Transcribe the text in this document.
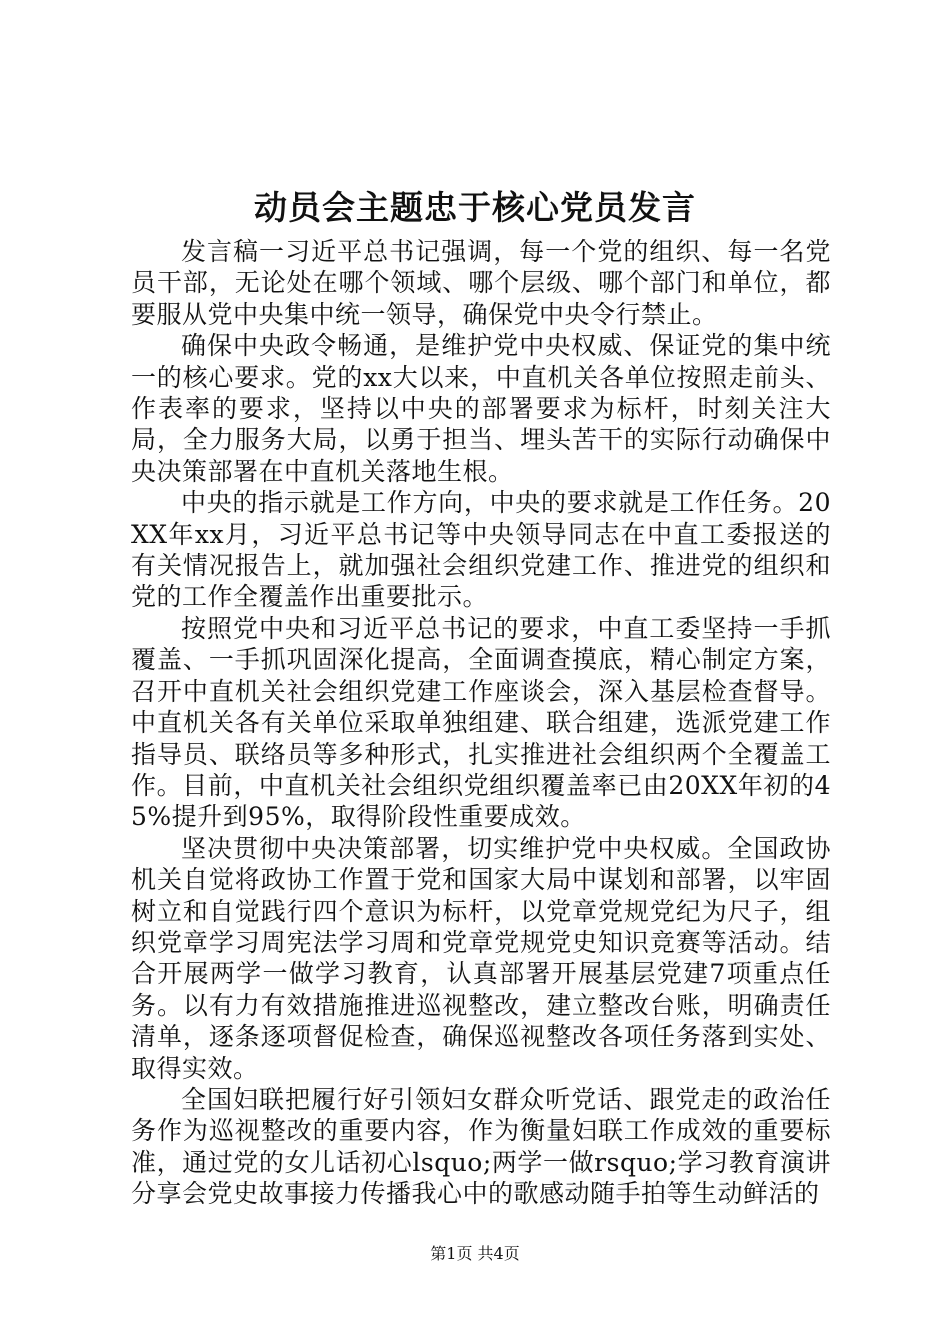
动员会主题忠于核心党员发言

发言稿一习近平总书记强调，每一个党的组织、每一名党员干部，无论处在哪个领域、哪个层级、哪个部门和单位，都要服从党中央集中统一领导，确保党中央令行禁止。

确保中央政令畅通，是维护党中央权威、保证党的集中统一的核心要求。党的xx大以来，中直机关各单位按照走前头、作表率的要求，坚持以中央的部署要求为标杆，时刻关注大局，全力服务大局，以勇于担当、埋头苦干的实际行动确保中央决策部署在中直机关落地生根。

中央的指示就是工作方向，中央的要求就是工作任务。20XX年xx月，习近平总书记等中央领导同志在中直工委报送的有关情况报告上，就加强社会组织党建工作、推进党的组织和党的工作全覆盖作出重要批示。

按照党中央和习近平总书记的要求，中直工委坚持一手抓覆盖、一手抓巩固深化提高，全面调查摸底，精心制定方案，召开中直机关社会组织党建工作座谈会，深入基层检查督导。中直机关各有关单位采取单独组建、联合组建，选派党建工作指导员、联络员等多种形式，扎实推进社会组织两个全覆盖工作。目前，中直机关社会组织党组织覆盖率已由20XX年初的45%提升到95%，取得阶段性重要成效。

坚决贯彻中央决策部署，切实维护党中央权威。全国政协机关自觉将政协工作置于党和国家大局中谋划和部署，以牢固树立和自觉践行四个意识为标杆，以党章党规党纪为尺子，组织党章学习周宪法学习周和党章党规党史知识竞赛等活动。结合开展两学一做学习教育，认真部署开展基层党建7项重点任务。以有力有效措施推进巡视整改，建立整改台账，明确责任清单，逐条逐项督促检查，确保巡视整改各项任务落到实处、取得实效。

全国妇联把履行好引领妇女群众听党话、跟党走的政治任务作为巡视整改的重要内容，作为衡量妇联工作成效的重要标准，通过党的女儿话初心lsquo;两学一做rsquo;学习教育演讲分享会党史故事接力传播我心中的歌感动随手拍等生动鲜活的

第1页 共4页
